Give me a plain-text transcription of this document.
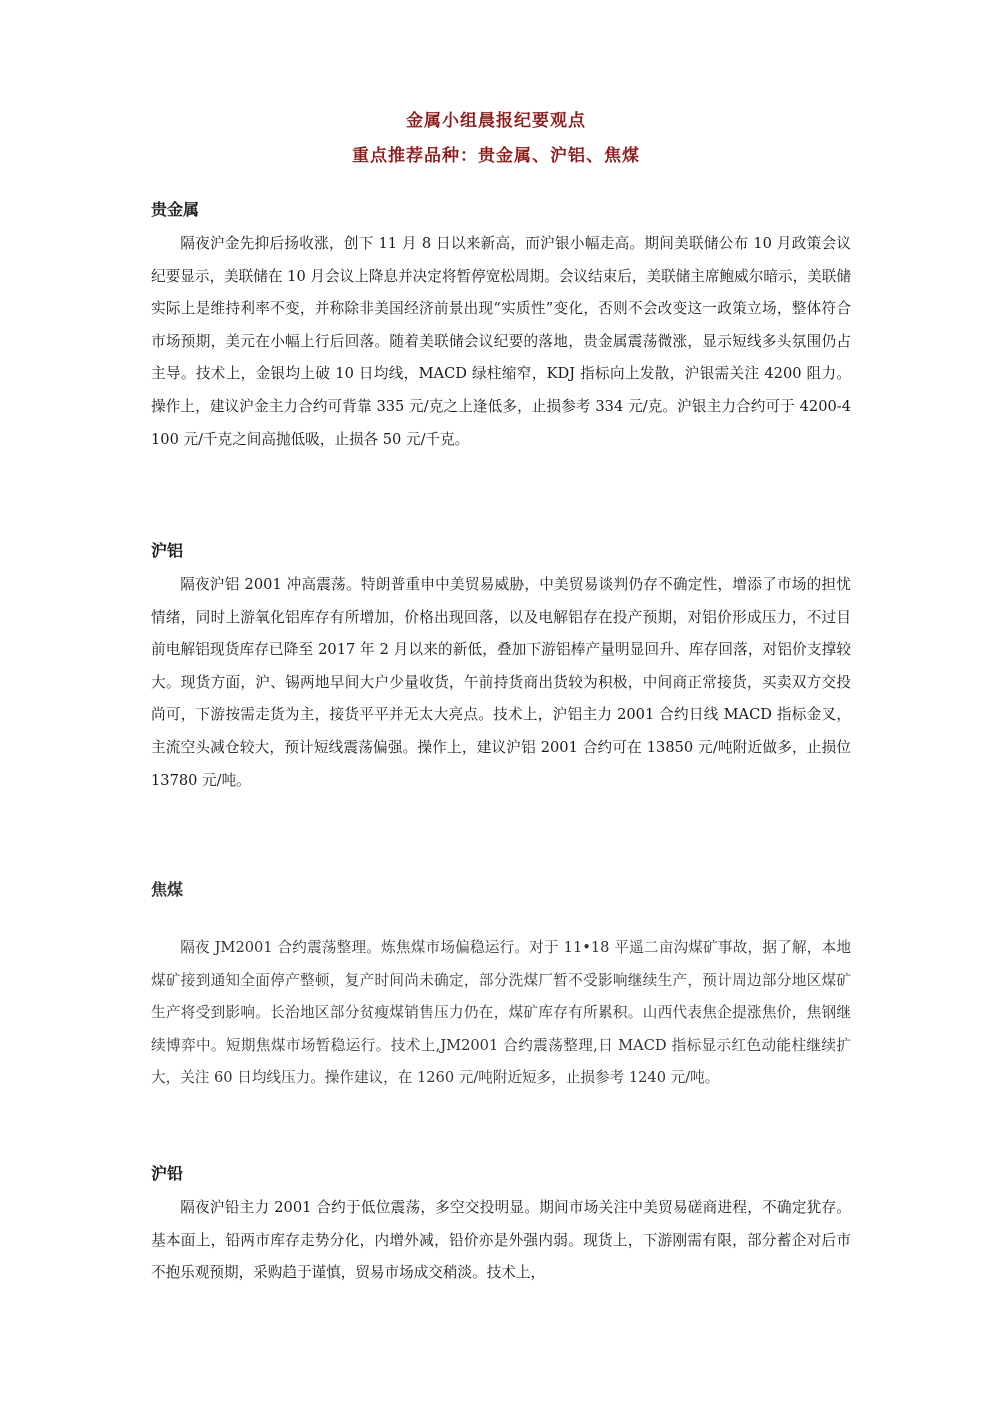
金属小组晨报纪要观点
重点推荐品种：贵金属、沪铝、焦煤
贵金属

隔夜沪金先抑后扬收涨，创下 11 月 8 日以来新高，而沪银小幅走高。期间美联储公布 10 月政策会议纪要显示，美联储在 10 月会议上降息并决定将暂停宽松周期。会议结束后，美联储主席鲍威尔暗示，美联储实际上是维持利率不变，并称除非美国经济前景出现“实质性”变化，否则不会改变这一政策立场，整体符合市场预期，美元在小幅上行后回落。随着美联储会议纪要的落地，贵金属震荡微涨，显示短线多头氛围仍占主导。技术上，金银均上破 10 日均线，MACD 绿柱缩窄，KDJ 指标向上发散，沪银需关注 4200 阻力。操作上，建议沪金主力合约可背靠 335 元/克之上逢低多，止损参考 334 元/克。沪银主力合约可于 4200-4100 元/千克之间高抛低吸，止损各 50 元/千克。

沪铝

隔夜沪铝 2001 冲高震荡。特朗普重申中美贸易威胁，中美贸易谈判仍存不确定性，增添了市场的担忧情绪，同时上游氧化铝库存有所增加，价格出现回落，以及电解铝存在投产预期，对铝价形成压力，不过目前电解铝现货库存已降至 2017 年 2 月以来的新低，叠加下游铝棒产量明显回升、库存回落，对铝价支撑较大。现货方面，沪、锡两地早间大户少量收货，午前持货商出货较为积极，中间商正常接货，买卖双方交投尚可，下游按需走货为主，接货平平并无太大亮点。技术上，沪铝主力 2001 合约日线 MACD 指标金叉，主流空头减仓较大，预计短线震荡偏强。操作上，建议沪铝 2001 合约可在 13850 元/吨附近做多，止损位 13780 元/吨。

焦煤

隔夜 JM2001 合约震荡整理。炼焦煤市场偏稳运行。对于 11•18 平遥二亩沟煤矿事故，据了解，本地煤矿接到通知全面停产整顿，复产时间尚未确定，部分洗煤厂暂不受影响继续生产，预计周边部分地区煤矿生产将受到影响。长治地区部分贫瘦煤销售压力仍在，煤矿库存有所累积。山西代表焦企提涨焦价，焦钢继续博弈中。短期焦煤市场暂稳运行。技术上,JM2001 合约震荡整理,日 MACD 指标显示红色动能柱继续扩大，关注 60 日均线压力。操作建议，在 1260 元/吨附近短多，止损参考 1240 元/吨。

沪铅

隔夜沪铅主力 2001 合约于低位震荡，多空交投明显。期间市场关注中美贸易磋商进程，不确定犹存。基本面上，铅两市库存走势分化，内增外减，铅价亦是外强内弱。现货上，下游刚需有限，部分蓄企对后市不抱乐观预期，采购趋于谨慎，贸易市场成交稍淡。技术上，
